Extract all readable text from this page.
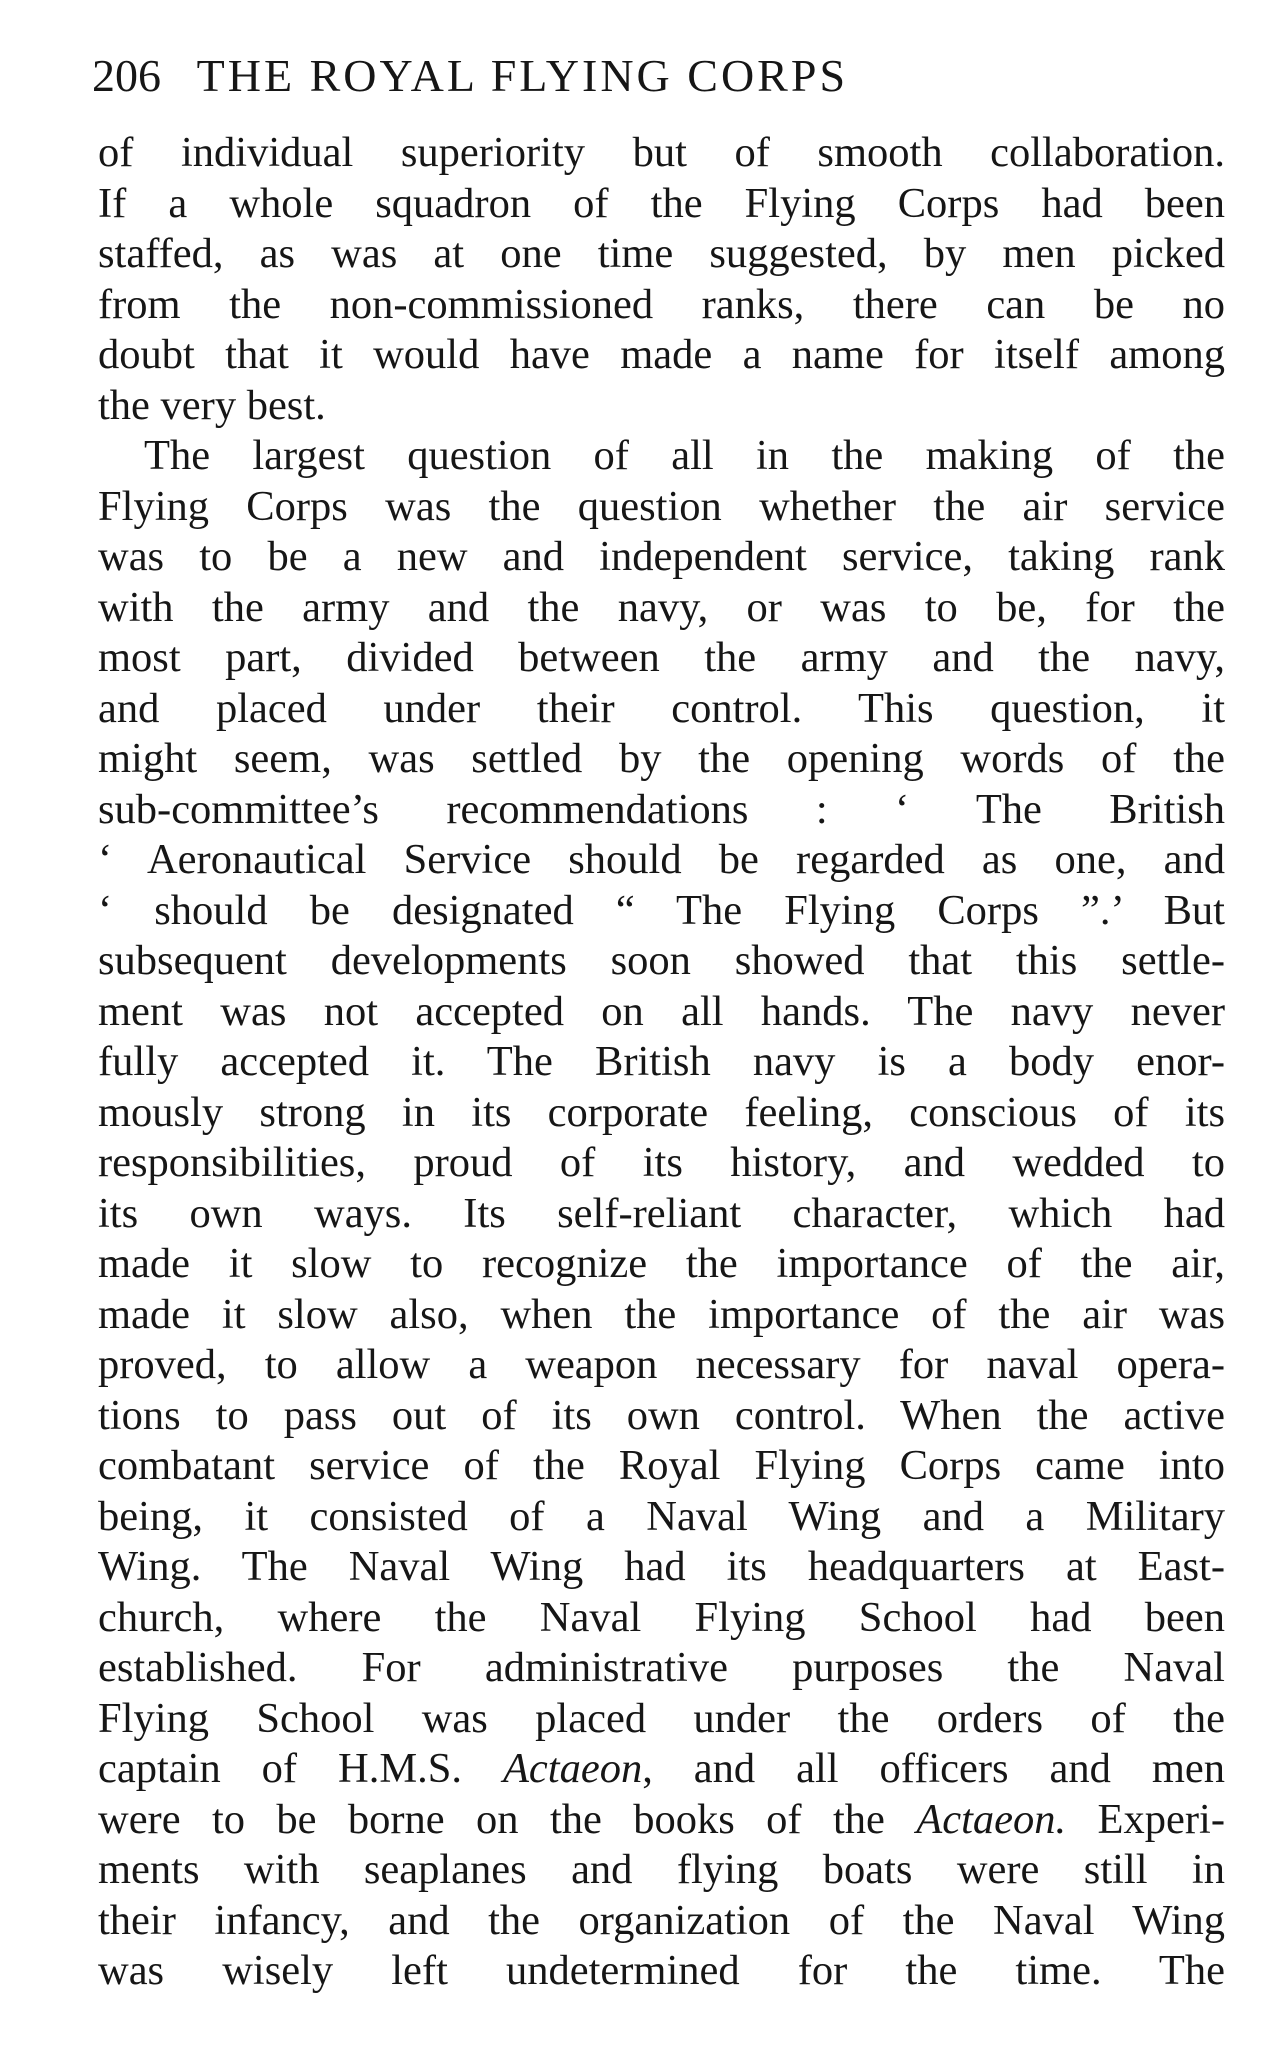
206 THE ROYAL FLYING CORPS
of individual superiority but of smooth collaboration.
If a whole squadron of the Flying Corps had been
staffed, as was at one time suggested, by men picked
from the non-commissioned ranks, there can be no
doubt that it would have made a name for itself among
the very best.
The largest question of all in the making of the
Flying Corps was the question whether the air service
was to be a new and independent service, taking rank
with the army and the navy, or was to be, for the
most part, divided between the army and the navy,
and placed under their control. This question, it
might seem, was settled by the opening words of the
sub-committee’s recommendations : ‘ The British
‘ Aeronautical Service should be regarded as one, and
‘ should be designated “ The Flying Corps ”.’ But
subsequent developments soon showed that this settle-
ment was not accepted on all hands. The navy never
fully accepted it. The British navy is a body enor-
mously strong in its corporate feeling, conscious of its
responsibilities, proud of its history, and wedded to
its own ways. Its self-reliant character, which had
made it slow to recognize the importance of the air,
made it slow also, when the importance of the air was
proved, to allow a weapon necessary for naval opera-
tions to pass out of its own control. When the active
combatant service of the Royal Flying Corps came into
being, it consisted of a Naval Wing and a Military
Wing. The Naval Wing had its headquarters at East-
church, where the Naval Flying School had been
established. For administrative purposes the Naval
Flying School was placed under the orders of the
captain of H.M.S. Actaeon, and all officers and men
were to be borne on the books of the Actaeon. Experi-
ments with seaplanes and flying boats were still in
their infancy, and the organization of the Naval Wing
was wisely left undetermined for the time. The
